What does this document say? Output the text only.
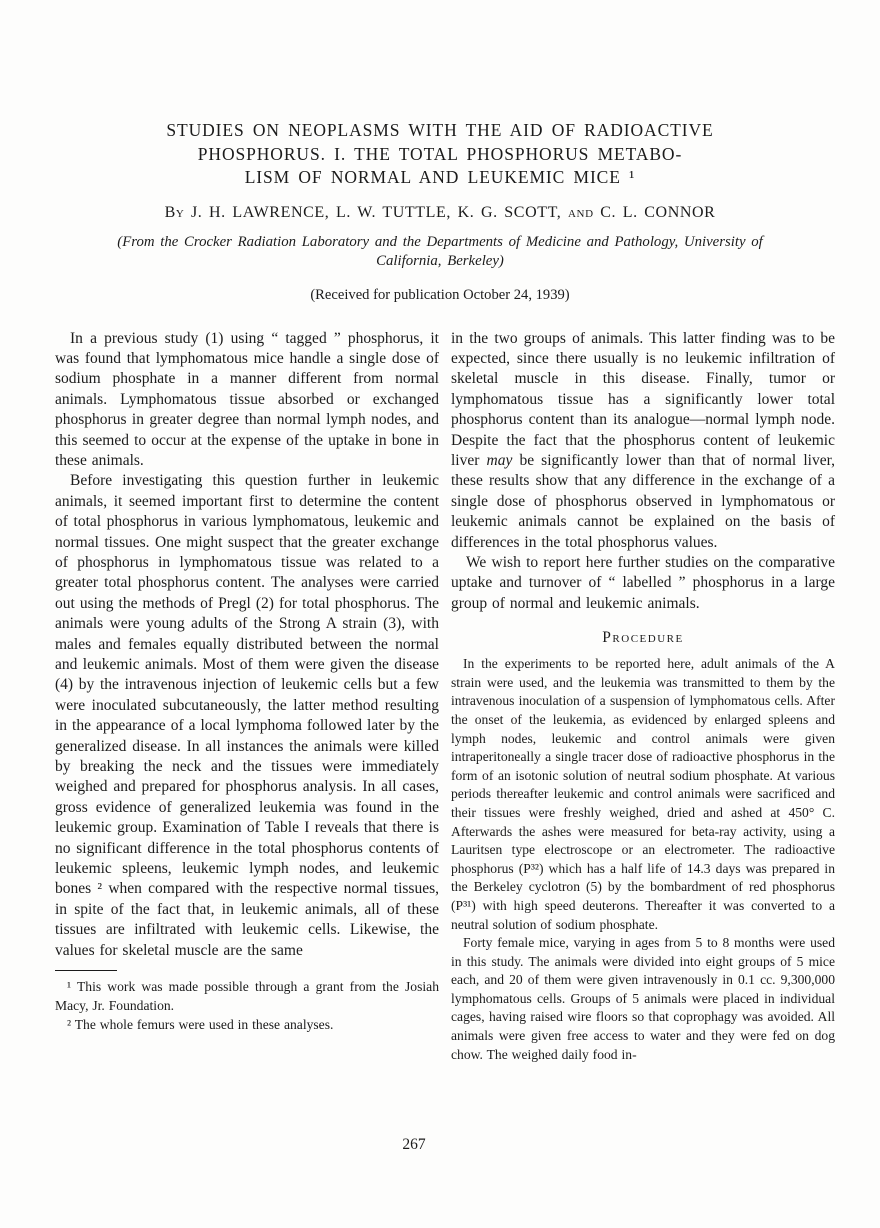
STUDIES ON NEOPLASMS WITH THE AID OF RADIOACTIVE
PHOSPHORUS. I. THE TOTAL PHOSPHORUS METABO-
LISM OF NORMAL AND LEUKEMIC MICE ¹
By J. H. LAWRENCE, L. W. TUTTLE, K. G. SCOTT, and C. L. CONNOR
(From the Crocker Radiation Laboratory and the Departments of Medicine and Pathology, University of California, Berkeley)
(Received for publication October 24, 1939)

In a previous study (1) using “ tagged ” phosphorus, it was found that lymphomatous mice handle a single dose of sodium phosphate in a manner different from normal animals. Lymphomatous tissue absorbed or exchanged phosphorus in greater degree than normal lymph nodes, and this seemed to occur at the expense of the uptake in bone in these animals.

Before investigating this question further in leukemic animals, it seemed important first to determine the content of total phosphorus in various lymphomatous, leukemic and normal tissues. One might suspect that the greater exchange of phosphorus in lymphomatous tissue was related to a greater total phosphorus content. The analyses were carried out using the methods of Pregl (2) for total phosphorus. The animals were young adults of the Strong A strain (3), with males and females equally distributed between the normal and leukemic animals. Most of them were given the disease (4) by the intravenous injection of leukemic cells but a few were inoculated subcutaneously, the latter method resulting in the appearance of a local lymphoma followed later by the generalized disease. In all instances the animals were killed by breaking the neck and the tissues were immediately weighed and prepared for phosphorus analysis. In all cases, gross evidence of generalized leukemia was found in the leukemic group. Examination of Table I reveals that there is no significant difference in the total phosphorus contents of leukemic spleens, leukemic lymph nodes, and leukemic bones ² when compared with the respective normal tissues, in spite of the fact that, in leukemic animals, all of these tissues are infiltrated with leukemic cells. Likewise, the values for skeletal muscle are the same

¹ This work was made possible through a grant from the Josiah Macy, Jr. Foundation.

² The whole femurs were used in these analyses.

in the two groups of animals. This latter finding was to be expected, since there usually is no leukemic infiltration of skeletal muscle in this disease. Finally, tumor or lymphomatous tissue has a significantly lower total phosphorus content than its analogue—normal lymph node. Despite the fact that the phosphorus content of leukemic liver may be significantly lower than that of normal liver, these results show that any difference in the exchange of a single dose of phosphorus observed in lymphomatous or leukemic animals cannot be explained on the basis of differences in the total phosphorus values.

We wish to report here further studies on the comparative uptake and turnover of “ labelled ” phosphorus in a large group of normal and leukemic animals.

Procedure

In the experiments to be reported here, adult animals of the A strain were used, and the leukemia was transmitted to them by the intravenous inoculation of a suspension of lymphomatous cells. After the onset of the leukemia, as evidenced by enlarged spleens and lymph nodes, leukemic and control animals were given intraperitoneally a single tracer dose of radioactive phosphorus in the form of an isotonic solution of neutral sodium phosphate. At various periods thereafter leukemic and control animals were sacrificed and their tissues were freshly weighed, dried and ashed at 450° C. Afterwards the ashes were measured for beta-ray activity, using a Lauritsen type electroscope or an electrometer. The radioactive phosphorus (P³²) which has a half life of 14.3 days was prepared in the Berkeley cyclotron (5) by the bombardment of red phosphorus (P³¹) with high speed deuterons. Thereafter it was converted to a neutral solution of sodium phosphate.

Forty female mice, varying in ages from 5 to 8 months were used in this study. The animals were divided into eight groups of 5 mice each, and 20 of them were given intravenously in 0.1 cc. 9,300,000 lymphomatous cells. Groups of 5 animals were placed in individual cages, having raised wire floors so that coprophagy was avoided. All animals were given free access to water and they were fed on dog chow. The weighed daily food in-

267
